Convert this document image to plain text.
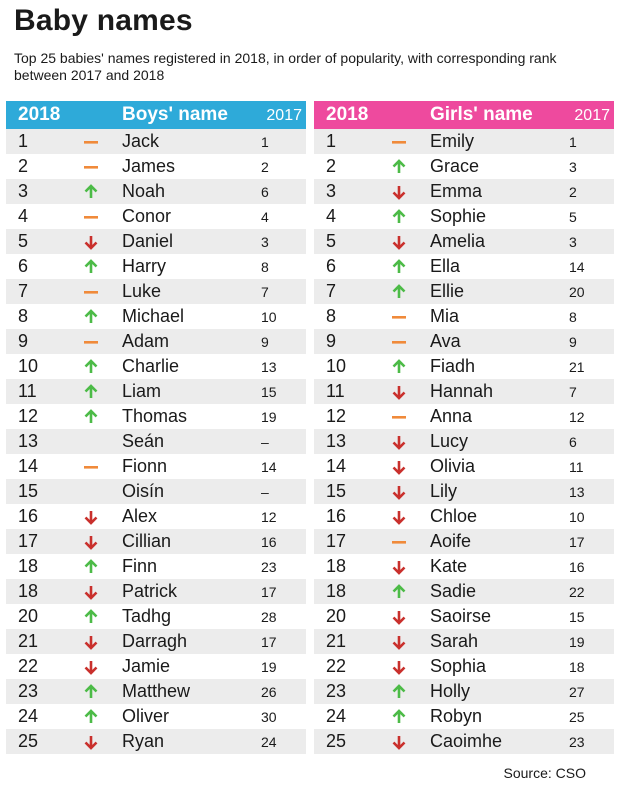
Baby names
Top 25 babies' names registered in 2018, in order of popularity, with corresponding rank between 2017 and 2018
2018	Boys' name 2017
1	Jack	1
2	James	2
3	Noah	6
4	Conor	4
5	Daniel	3
6	Harry	8
7	Luke	7
8	Michael	10
9	Adam	9
10	Charlie	13
11	Liam	15
12	Thomas	19
13	Seán	–
14	Fionn	14
15	Oisín	–
16	Alex	12
17	Cillian	16
18	Finn	23
18	Patrick	17
20	Tadhg	28
21	Darragh	17
22	Jamie	19
23	Matthew	26
24	Oliver	30
25	Ryan	24
2018	Girls' name	2017
1	Emily	1
2	Grace	3
3	Emma	2
4	Sophie	5
5	Amelia	3
6	Ella	14
7	Ellie	20
8	Mia	8
9	Ava	9
10	Fiadh	21
11	Hannah	7
12	Anna	12
13	Lucy	6
14	Olivia	11
15	Lily	13
16	Chloe	10
17	Aoife	17
18	Kate	16
18	Sadie	22
20	Saoirse	15
21	Sarah	19
22	Sophia	18
23	Holly	27
24	Robyn	25
25	Caoimhe	23
Source: CSO
